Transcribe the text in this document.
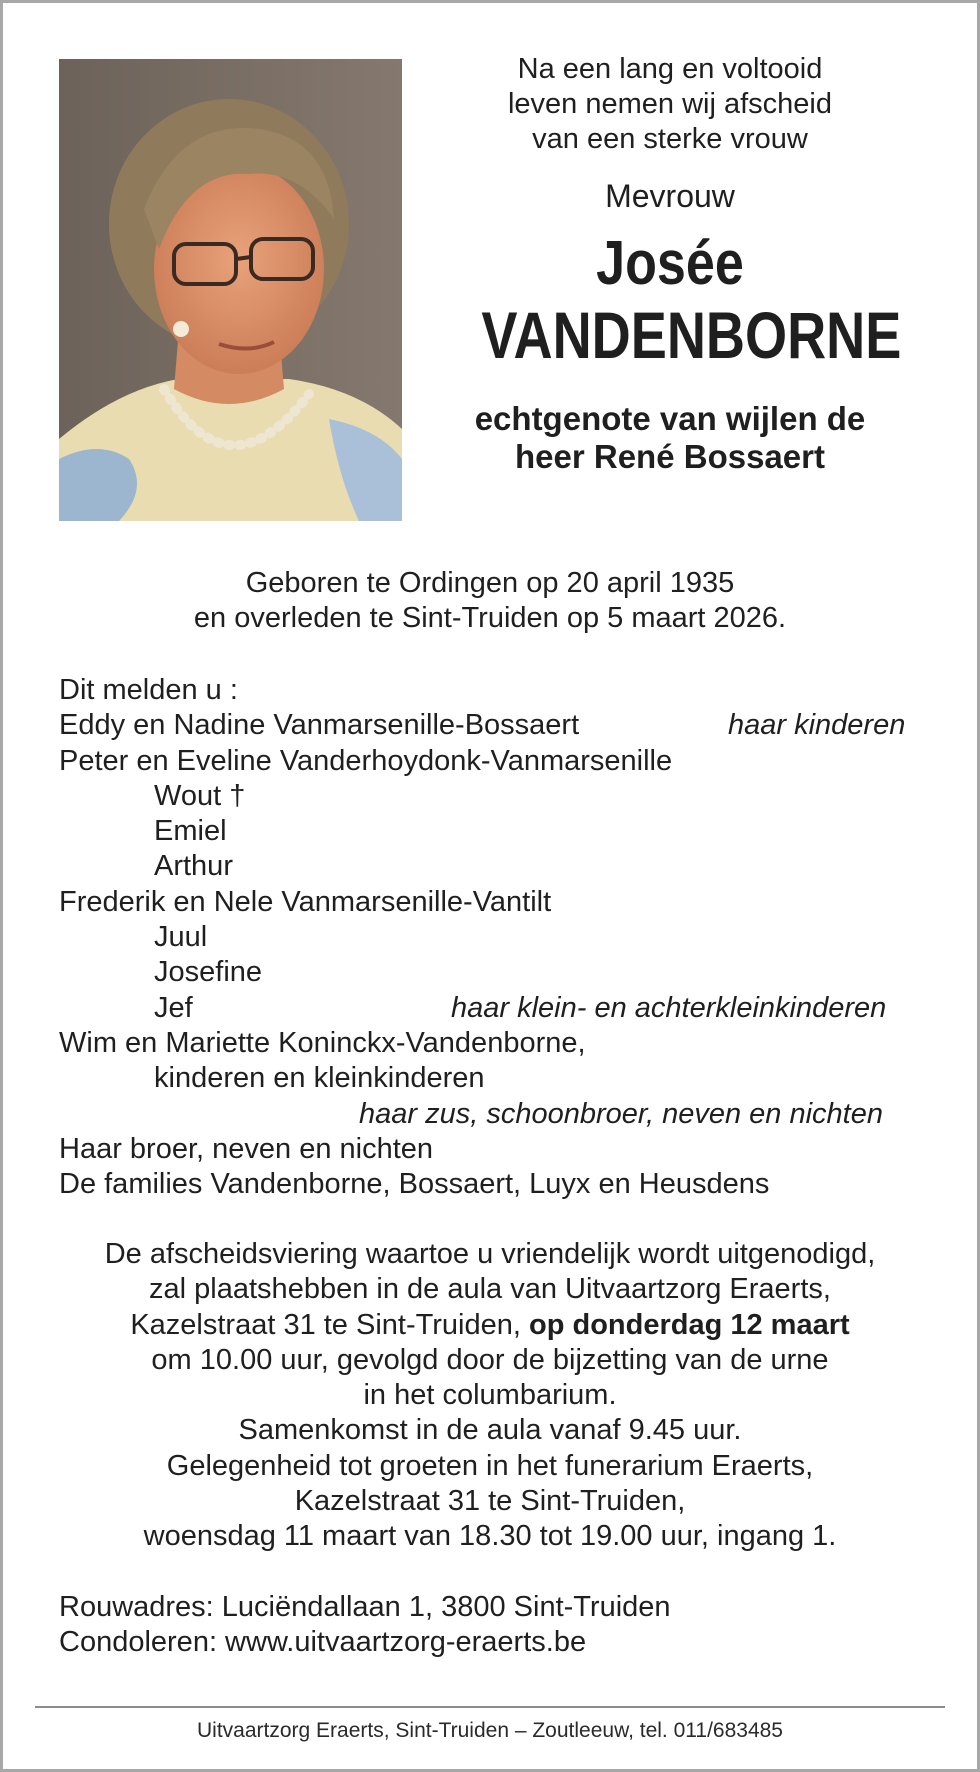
Na een lang en voltooid
leven nemen wij afscheid
van een sterke vrouw
Mevrouw
Josée
VANDENBORNE
echtgenote van wijlen de
heer René Bossaert
Geboren te Ordingen op 20 april 1935
en overleden te Sint-Truiden op 5 maart 2026.
Dit melden u :
Eddy en Nadine Vanmarsenille-Bossaert	haar kinderen
Peter en Eveline Vanderhoydonk-Vanmarsenille
Wout †
Emiel
Arthur
Frederik en Nele Vanmarsenille-Vantilt
Juul
Josefine
Jef	haar klein- en achterkleinkinderen
Wim en Mariette Koninckx-Vandenborne,
kinderen en kleinkinderen
haar zus, schoonbroer, neven en nichten
Haar broer, neven en nichten
De families Vandenborne, Bossaert, Luyx en Heusdens
De afscheidsviering waartoe u vriendelijk wordt uitgenodigd,
zal plaatshebben in de aula van Uitvaartzorg Eraerts,
Kazelstraat 31 te Sint-Truiden, op donderdag 12 maart
om 10.00 uur, gevolgd door de bijzetting van de urne
in het columbarium.
Samenkomst in de aula vanaf 9.45 uur.
Gelegenheid tot groeten in het funerarium Eraerts,
Kazelstraat 31 te Sint-Truiden,
woensdag 11 maart van 18.30 tot 19.00 uur, ingang 1.
Rouwadres: Luciëndallaan 1, 3800 Sint-Truiden
Condoleren: www.uitvaartzorg-eraerts.be
Uitvaartzorg Eraerts, Sint-Truiden – Zoutleeuw, tel. 011/683485
